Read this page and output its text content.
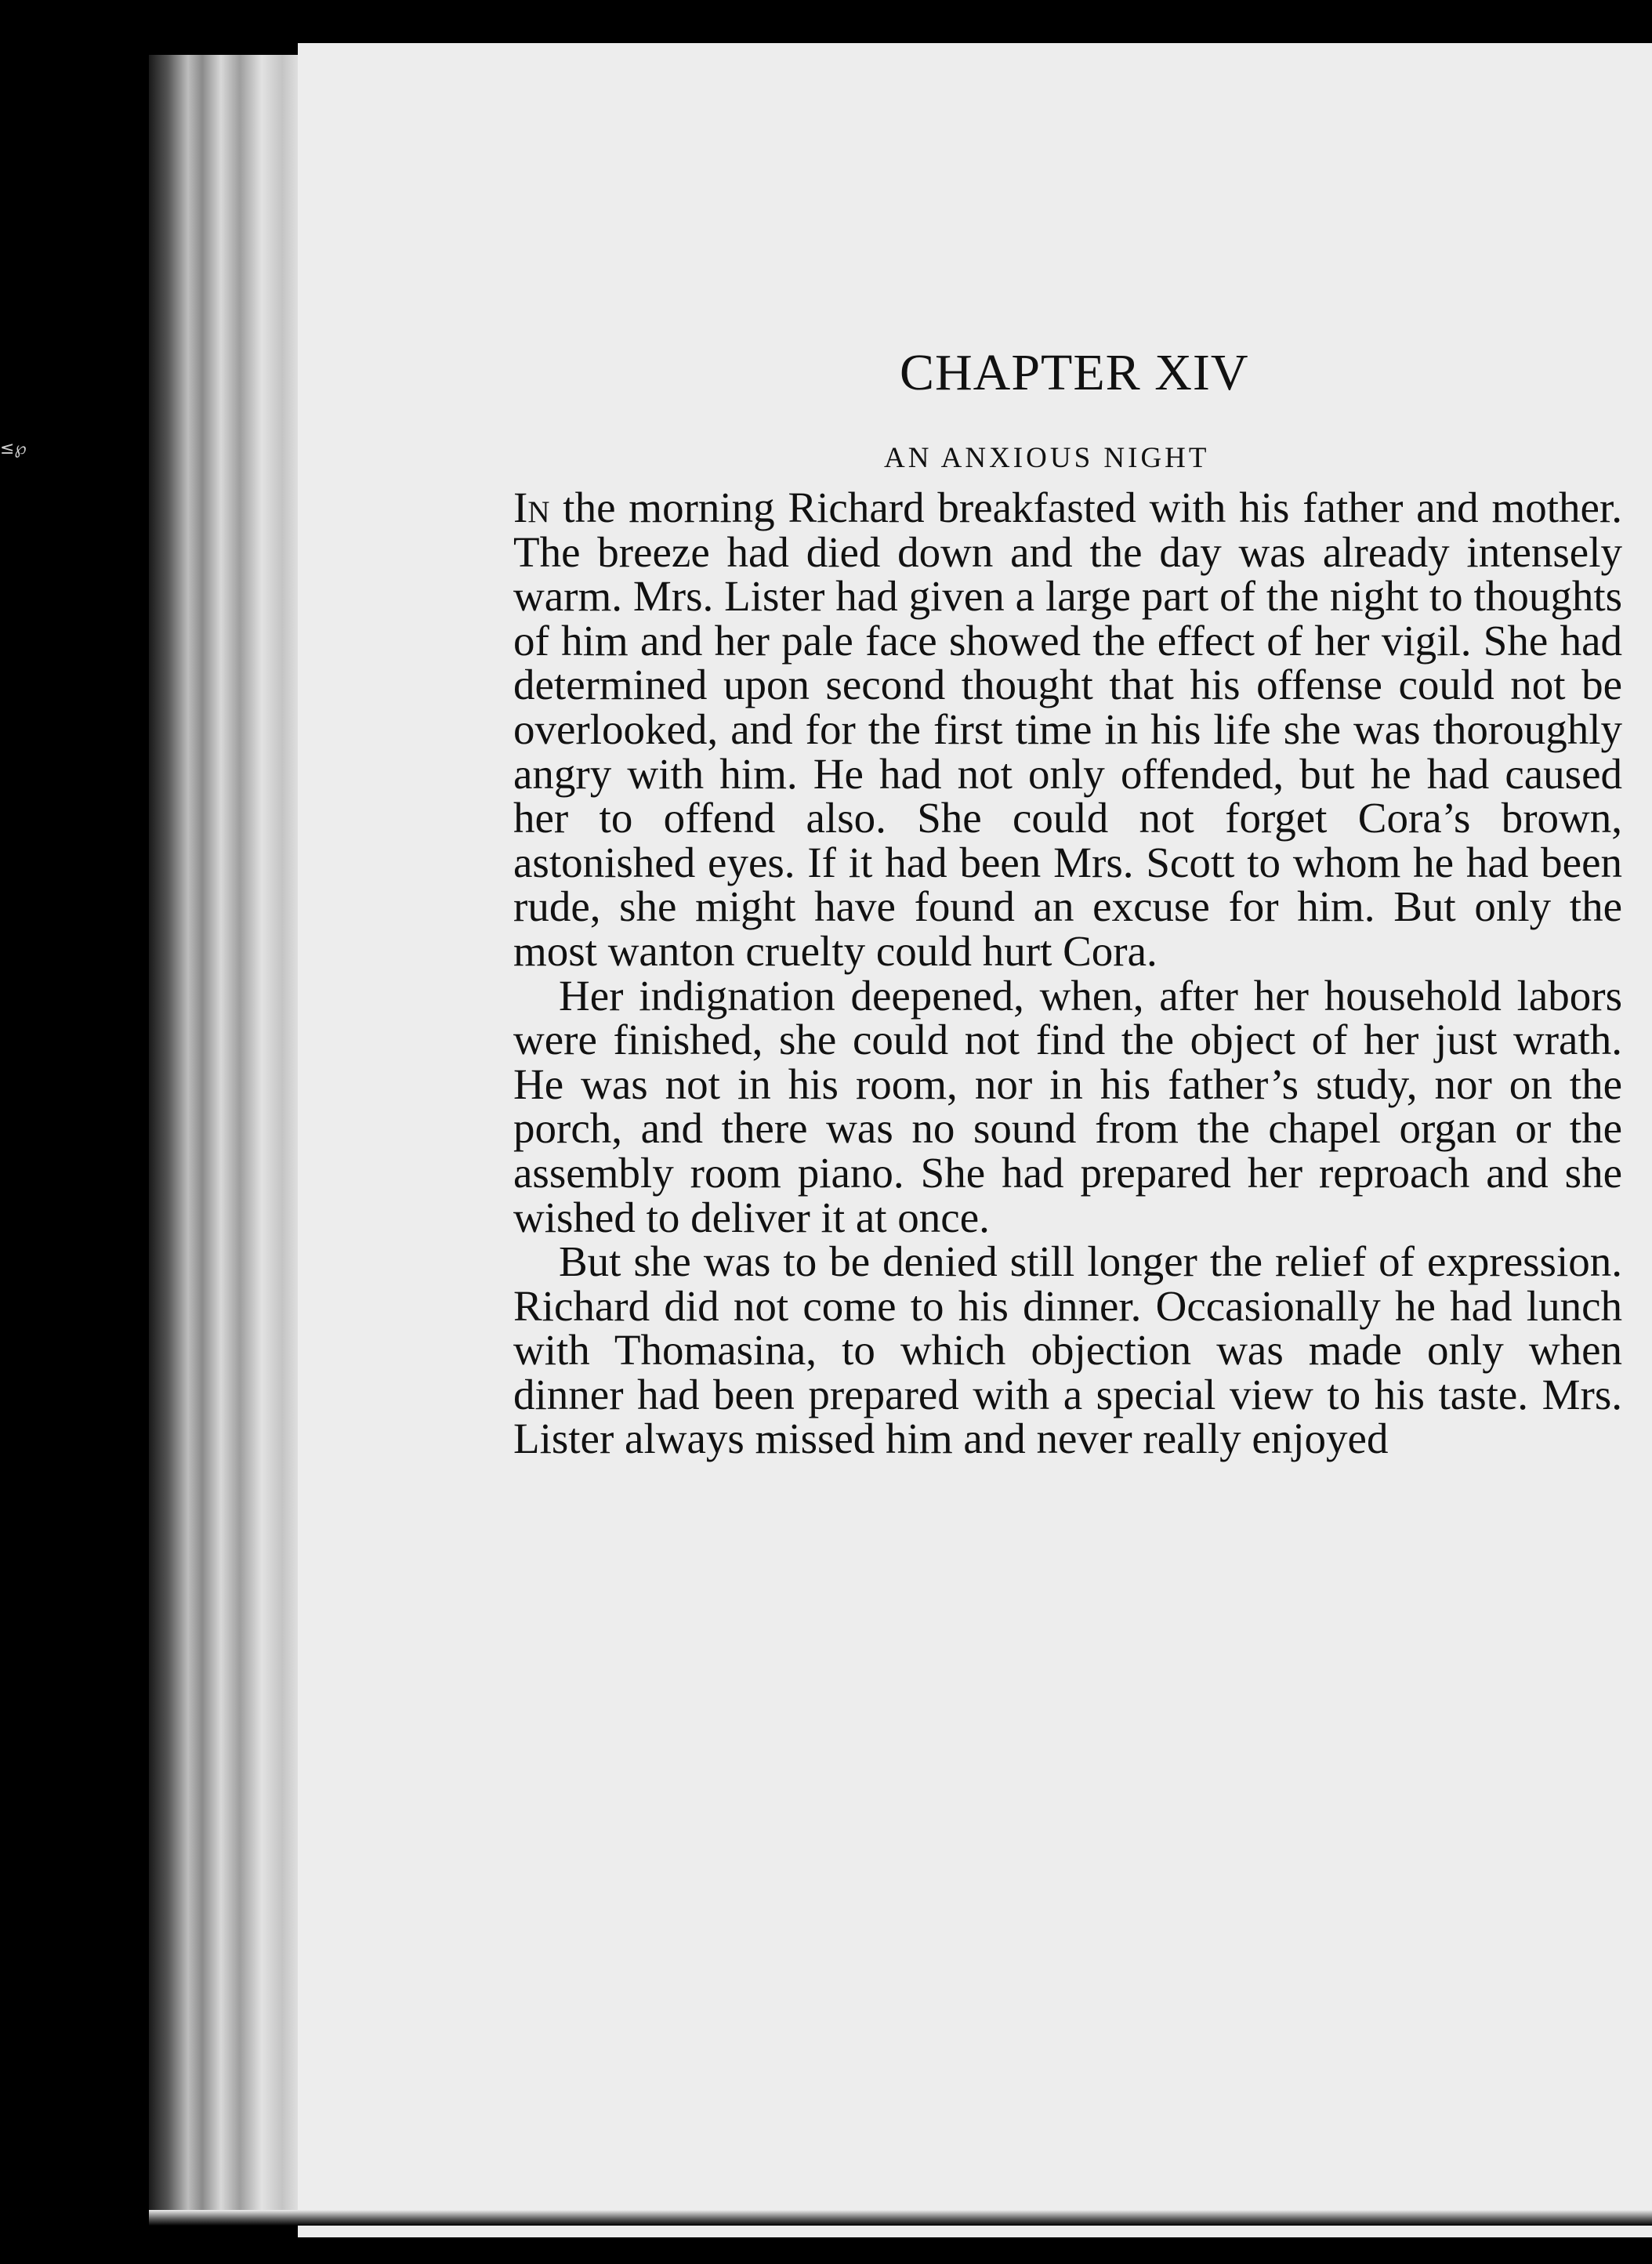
≤℘
CHAPTER XIV
AN ANXIOUS NIGHT

In the morning Richard breakfasted with his father and mother. The breeze had died down and the day was already intensely warm. Mrs. Lister had given a large part of the night to thoughts of him and her pale face showed the effect of her vigil. She had determined upon second thought that his offense could not be overlooked, and for the first time in his life she was thoroughly angry with him. He had not only offended, but he had caused her to offend also. She could not forget Cora’s brown, astonished eyes. If it had been Mrs. Scott to whom he had been rude, she might have found an excuse for him. But only the most wanton cruelty could hurt Cora.

Her indignation deepened, when, after her household labors were finished, she could not find the object of her just wrath. He was not in his room, nor in his father’s study, nor on the porch, and there was no sound from the chapel organ or the assembly room piano. She had prepared her reproach and she wished to deliver it at once.

But she was to be denied still longer the relief of expression. Richard did not come to his dinner. Occasionally he had lunch with Thomasina, to which objection was made only when dinner had been prepared with a special view to his taste. Mrs. Lister always missed him and never really enjoyed
